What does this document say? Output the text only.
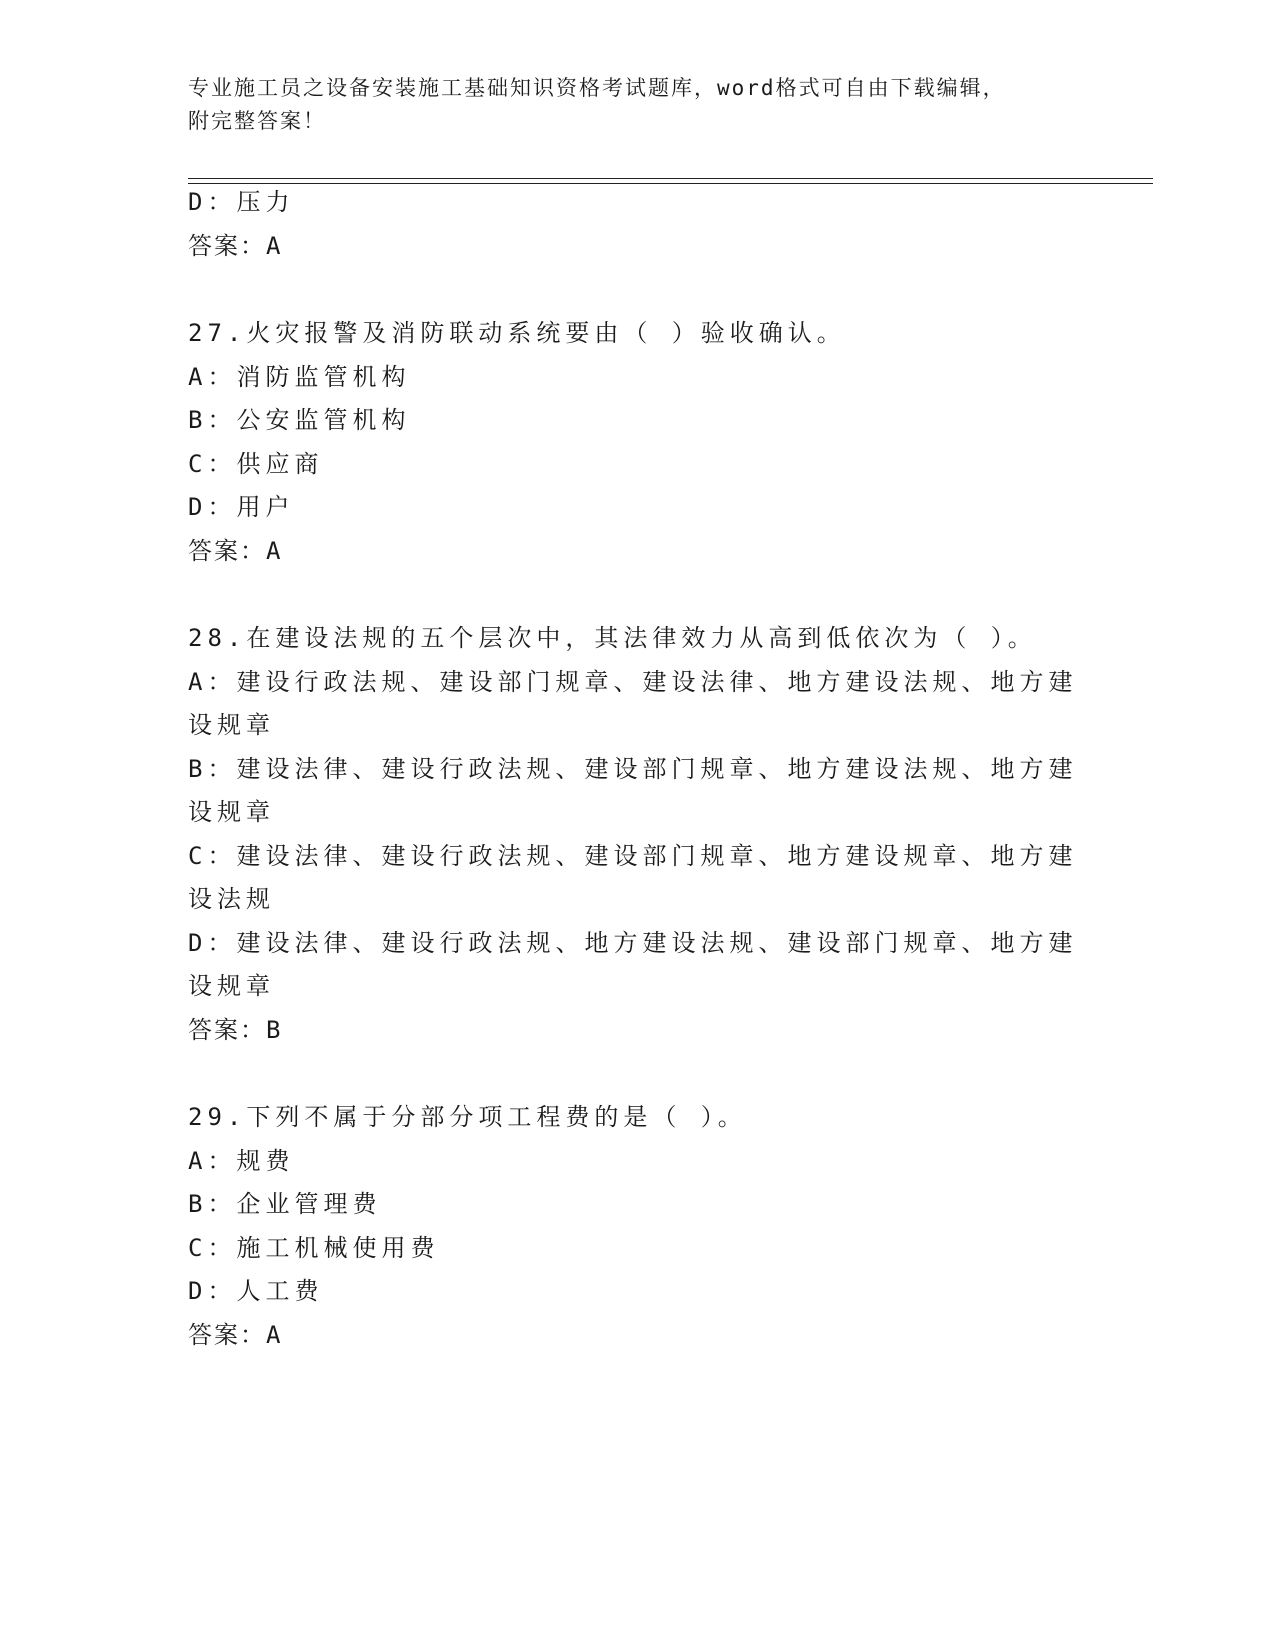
专业施工员之设备安装施工基础知识资格考试题库，word格式可自由下载编辑，
附完整答案！
D：压力
答案：A
27.火灾报警及消防联动系统要由（ ）验收确认。
A：消防监管机构
B：公安监管机构
C：供应商
D：用户
答案：A
28.在建设法规的五个层次中，其法律效力从高到低依次为（ ）。
A：建设行政法规、建设部门规章、建设法律、地方建设法规、地方建
设规章
B：建设法律、建设行政法规、建设部门规章、地方建设法规、地方建
设规章
C：建设法律、建设行政法规、建设部门规章、地方建设规章、地方建
设法规
D：建设法律、建设行政法规、地方建设法规、建设部门规章、地方建
设规章
答案：B
29.下列不属于分部分项工程费的是（ ）。
A：规费
B：企业管理费
C：施工机械使用费
D：人工费
答案：A
